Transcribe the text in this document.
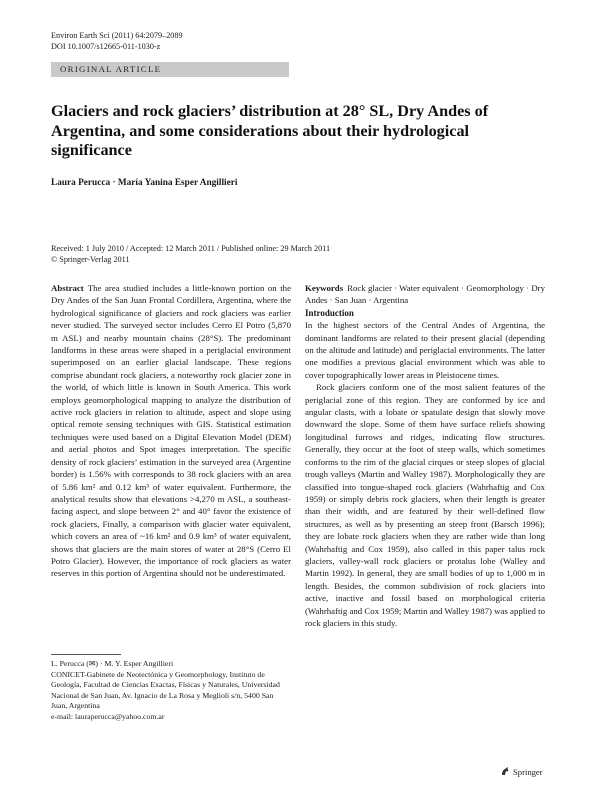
Environ Earth Sci (2011) 64:2079–2089
DOI 10.1007/s12665-011-1030-z
ORIGINAL ARTICLE
Glaciers and rock glaciers’ distribution at 28° SL, Dry Andes of Argentina, and some considerations about their hydrological significance
Laura Perucca · María Yanina Esper Angillieri
Received: 1 July 2010 / Accepted: 12 March 2011 / Published online: 29 March 2011
© Springer-Verlag 2011

Abstract The area studied includes a little-known portion on the Dry Andes of the San Juan Frontal Cordillera, Argentina, where the hydrological significance of glaciers and rock glaciers was earlier never studied. The surveyed sector includes Cerro El Potro (5,870 m ASL) and nearby mountain chains (28°S). The predominant landforms in these areas were shaped in a periglacial environment superimposed on an earlier glacial landscape. These regions comprise abundant rock glaciers, a noteworthy rock glacier zone in the world, of which little is known in South America. This work employs geomorphological mapping to analyze the distribution of active rock glaciers in relation to altitude, aspect and slope using optical remote sensing techniques with GIS. Statistical estimation techniques were used based on a Digital Elevation Model (DEM) and aerial photos and Spot images interpretation. The specific density of rock glaciers’ estimation in the surveyed area (Argentine border) is 1.56% with corresponds to 38 rock glaciers with an area of 5.86 km² and 0.12 km³ of water equivalent. Furthermore, the analytical results show that elevations >4,270 m ASL, a southeast-facing aspect, and slope between 2° and 40° favor the existence of rock glaciers, Finally, a comparison with glacier water equivalent, which covers an area of ~16 km² and 0.9 km³ of water equivalent, shows that glaciers are the main stores of water at 28°S (Cerro El Potro Glacier). However, the importance of rock glaciers as water reserves in this portion of Argentina should not be underestimated.

L. Perucca (✉) · M. Y. Esper Angillieri

CONICET-Gabinete de Neotectónica y Geomorphology, Instituto de Geología, Facultad de Ciencias Exactas, Físicas y Naturales, Universidad Nacional de San Juan, Av. Ignacio de La Rosa y Meglioli s/n, 5400 San Juan, Argentina

e-mail: lauraperucca@yahoo.com.ar

Keywords Rock glacier · Water equivalent · Geomorphology · Dry Andes · San Juan · Argentina

Introduction

In the highest sectors of the Central Andes of Argentina, the dominant landforms are related to their present glacial (depending on the altitude and latitude) and periglacial environments. The latter one modifies a previous glacial environment which was able to cover topographically lower areas in Pleistocene times.

Rock glaciers conform one of the most salient features of the periglacial zone of this region. They are conformed by ice and angular clasts, with a lobate or spatulate design that slowly move downward the slope. Some of them have surface reliefs showing longitudinal furrows and ridges, indicating flow structures. Generally, they occur at the foot of steep walls, which sometimes conforms to the rim of the glacial cirques or steep slopes of glacial trough valleys (Martin and Walley 1987). Morphologically they are classified into tongue-shaped rock glaciers (Wahrhaftig and Cox 1959) or simply debris rock glaciers, when their length is greater than their width, and are featured by their well-defined flow structures, as well as by presenting an steep front (Barsch 1996); they are lobate rock glaciers when they are rather wide than long (Wahrhaftig and Cox 1959), also called in this paper talus rock glaciers, valley-wall rock glaciers or protalus lobe (Walley and Martin 1992). In general, they are small bodies of up to 1,000 m in length. Besides, the common subdivision of rock glaciers into active, inactive and fossil based on morphological criteria (Wahrhaftig and Cox 1959; Martin and Walley 1987) was applied to rock glaciers in this study.

Springer
